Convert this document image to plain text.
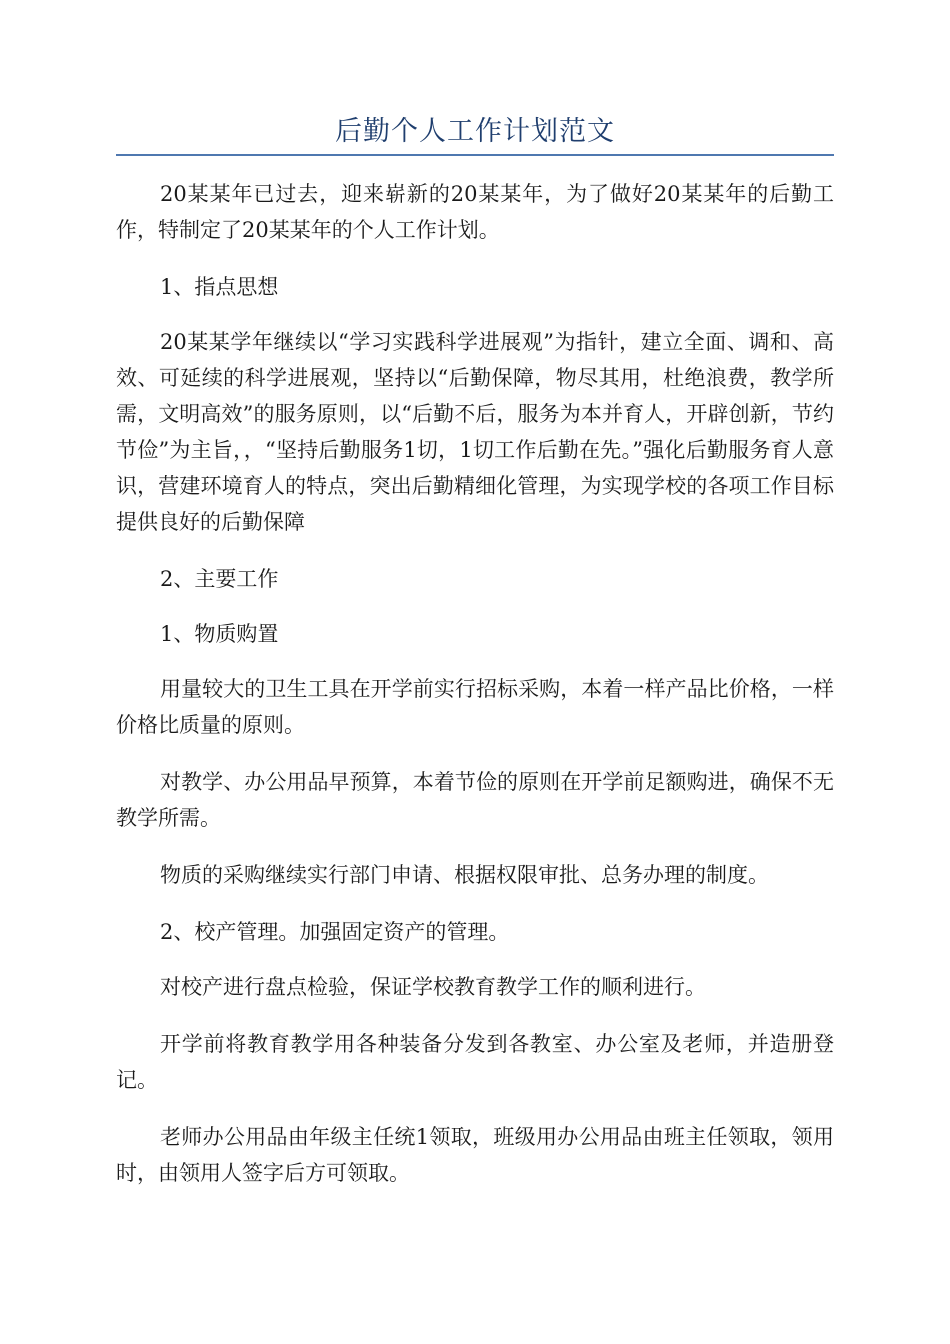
后勤个人工作计划范文

20某某年已过去，迎来崭新的20某某年，为了做好20某某年的后勤工作，特制定了20某某年的个人工作计划。

1、指点思想

20某某学年继续以“学习实践科学进展观”为指针，建立全面、调和、高效、可延续的科学进展观，坚持以“后勤保障，物尽其用，杜绝浪费，教学所需，文明高效”的服务原则，以“后勤不后，服务为本并育人，开辟创新，节约节俭”为主旨，，“坚持后勤服务1切，1切工作后勤在先。”强化后勤服务育人意识，营建环境育人的特点，突出后勤精细化管理，为实现学校的各项工作目标提供良好的后勤保障

2、主要工作

1、物质购置

用量较大的卫生工具在开学前实行招标采购，本着一样产品比价格，一样价格比质量的原则。

对教学、办公用品早预算，本着节俭的原则在开学前足额购进，确保不无教学所需。

物质的采购继续实行部门申请、根据权限审批、总务办理的制度。

2、校产管理。加强固定资产的管理。

对校产进行盘点检验，保证学校教育教学工作的顺利进行。

开学前将教育教学用各种装备分发到各教室、办公室及老师，并造册登记。

老师办公用品由年级主任统1领取，班级用办公用品由班主任领取，领用时，由领用人签字后方可领取。
